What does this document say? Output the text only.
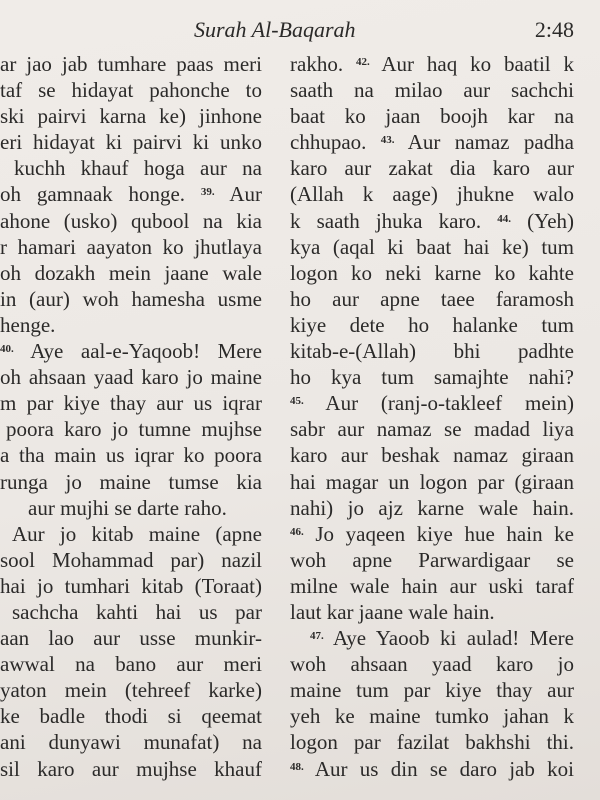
Surah Al-Baqarah	2:48
ar jao jab tumhare paas meri
taf se hidayat pahonche to
ski pairvi karna ke) jinhone
eri hidayat ki pairvi ki unko
kuchh khauf hoga aur na
oh gamnaak honge. $^{39.}$ Aur
ahone (usko) qubool na kia
r hamari aayaton ko jhutlaya
oh dozakh mein jaane wale
in (aur) woh hamesha usme
henge.
$^{40.}$ Aye aal-e-Yaqoob! Mere
oh ahsaan yaad karo jo maine
m par kiye thay aur us iqrar
poora karo jo tumne mujhse
a tha main us iqrar ko poora
runga jo maine tumse kia
aur mujhi se darte raho.
Aur jo kitab maine (apne
sool Mohammad par) nazil
hai jo tumhari kitab (Toraat)
sachcha kahti hai us par
aan lao aur usse munkir-
awwal na bano aur meri
yaton mein (tehreef karke)
ke badle thodi si qeemat
ani dunyawi munafat) na
sil karo aur mujhse khauf
rakho. $^{42.}$ Aur haq ko baatil k
saath na milao aur sachchi
baat ko jaan boojh kar na
chhupao. $^{43.}$ Aur namaz padha
karo aur zakat dia karo aur
(Allah k aage) jhukne walo
k saath jhuka karo. $^{44.}$ (Yeh)
kya (aqal ki baat hai ke) tum
logon ko neki karne ko kahte
ho aur apne taee faramosh
kiye dete ho halanke tum
kitab-e-(Allah) bhi padhte
ho kya tum samajhte nahi?
$^{45.}$ Aur (ranj-o-takleef mein)
sabr aur namaz se madad liya
karo aur beshak namaz giraan
hai magar un logon par (giraan
nahi) jo ajz karne wale hain.
$^{46.}$ Jo yaqeen kiye hue hain ke
woh apne Parwardigaar se
milne wale hain aur uski taraf
laut kar jaane wale hain.
$^{47.}$ Aye Yaoob ki aulad! Mere
woh ahsaan yaad karo jo
maine tum par kiye thay aur
yeh ke maine tumko jahan k
logon par fazilat bakhshi thi.
$^{48.}$ Aur us din se daro jab koi
